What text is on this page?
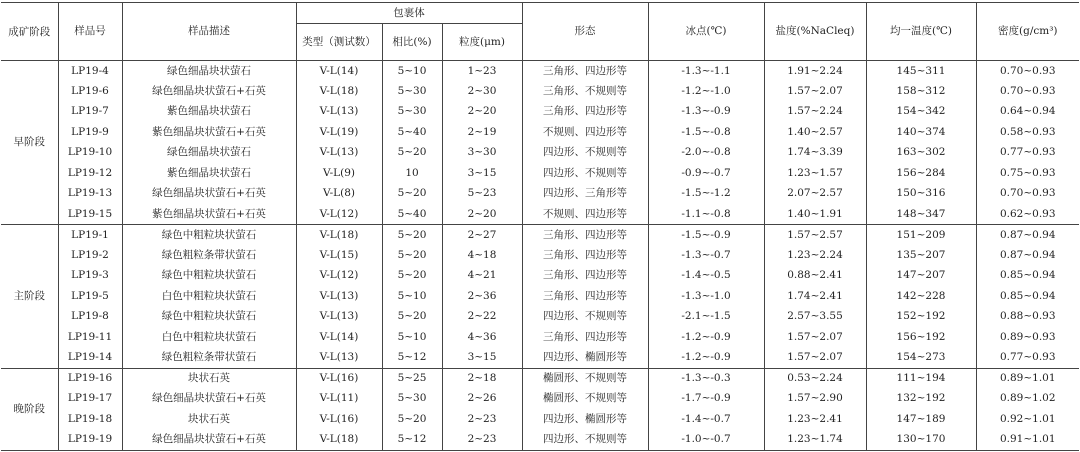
成矿阶段	样品号	样品描述	包裹体			形态	冰点(℃)	盐度(%NaCleq)	均一温度(℃)	密度(g/cm³)
			类型（测试数）	相比(%)	粒度(μm)					
早阶段	LP19-4	绿色细晶块状萤石	V-L(14)	5~10	1~23	三角形、四边形等	-1.3~-1.1	1.91~2.24	145~311	0.70~0.93
	LP19-6	绿色细晶块状萤石+石英	V-L(18)	5~30	2~30	三角形、不规则等	-1.2~-1.0	1.57~2.07	158~312	0.70~0.93
	LP19-7	紫色细晶块状萤石	V-L(13)	5~30	2~20	三角形、四边形等	-1.3~-0.9	1.57~2.24	154~342	0.64~0.94
	LP19-9	紫色细晶块状萤石+石英	V-L(19)	5~40	2~19	不规则、四边形等	-1.5~-0.8	1.40~2.57	140~374	0.58~0.93
	LP19-10	绿色细晶块状萤石	V-L(13)	5~20	3~30	四边形、不规则等	-2.0~-0.8	1.74~3.39	163~302	0.77~0.93
	LP19-12	紫色细晶块状萤石	V-L(9)	10	3~15	四边形、不规则等	-0.9~-0.7	1.23~1.57	156~284	0.75~0.93
	LP19-13	绿色细晶块状萤石+石英	V-L(8)	5~20	5~23	四边形、三角形等	-1.5~-1.2	2.07~2.57	150~316	0.70~0.93
	LP19-15	紫色细晶块状萤石+石英	V-L(12)	5~40	2~20	不规则、四边形等	-1.1~-0.8	1.40~1.91	148~347	0.62~0.93
主阶段	LP19-1	绿色中粗粒块状萤石	V-L(18)	5~20	2~27	三角形、四边形等	-1.5~-0.9	1.57~2.57	151~209	0.87~0.94
	LP19-2	绿色粗粒条带状萤石	V-L(15)	5~20	4~18	三角形、四边形等	-1.3~-0.7	1.23~2.24	135~207	0.87~0.94
	LP19-3	绿色中粗粒块状萤石	V-L(12)	5~20	4~21	三角形、四边形等	-1.4~-0.5	0.88~2.41	147~207	0.85~0.94
	LP19-5	白色中粗粒块状萤石	V-L(13)	5~10	2~36	三角形、四边形等	-1.3~-1.0	1.74~2.41	142~228	0.85~0.94
	LP19-8	绿色中粗粒块状萤石	V-L(13)	5~20	2~22	四边形、不规则等	-2.1~-1.5	2.57~3.55	152~192	0.88~0.93
	LP19-11	白色中粗粒块状萤石	V-L(14)	5~10	4~36	三角形、四边形等	-1.2~-0.9	1.57~2.07	156~192	0.89~0.93
	LP19-14	绿色粗粒条带状萤石	V-L(13)	5~12	3~15	四边形、椭圆形等	-1.2~-0.9	1.57~2.07	154~273	0.77~0.93
晚阶段	LP19-16	块状石英	V-L(16)	5~25	2~18	椭圆形、不规则等	-1.3~-0.3	0.53~2.24	111~194	0.89~1.01
	LP19-17	绿色细晶块状萤石+石英	V-L(11)	5~30	2~26	椭圆形、不规则等	-1.7~-0.9	1.57~2.90	132~192	0.89~1.02
	LP19-18	块状石英	V-L(16)	5~20	2~23	四边形、椭圆形等	-1.4~-0.7	1.23~2.41	147~189	0.92~1.01
	LP19-19	绿色细晶块状萤石+石英	V-L(18)	5~12	2~23	四边形、不规则等	-1.0~-0.7	1.23~1.74	130~170	0.91~1.01
